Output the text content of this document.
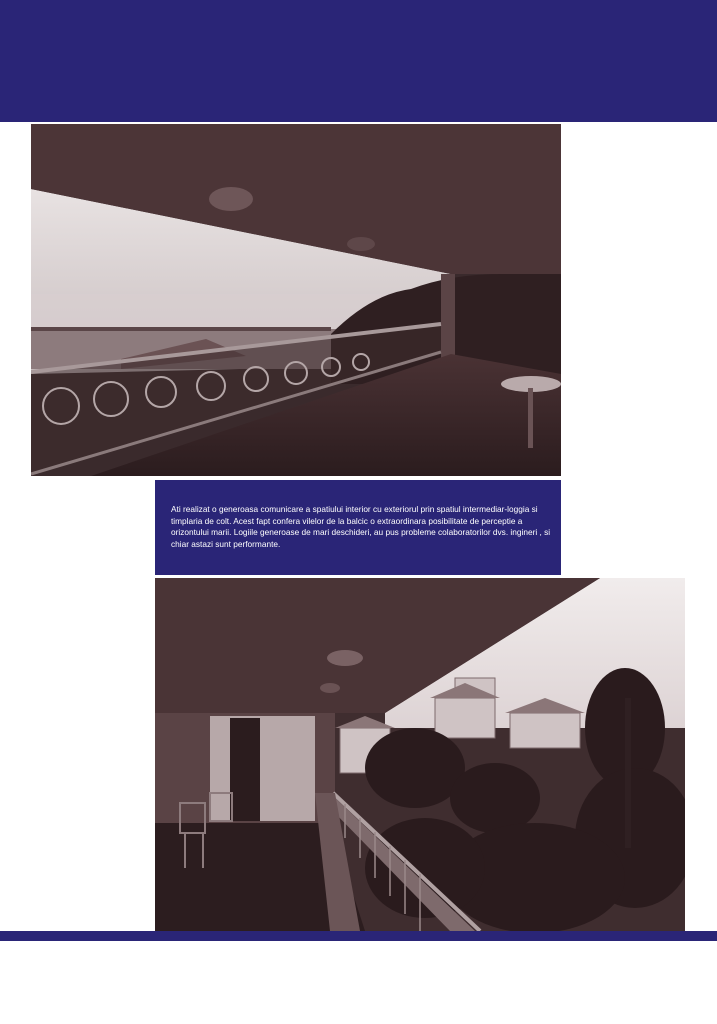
Ati realizat o generoasa comunicare a spatiului interior cu exteriorul prin spatiul intermediar-loggia si timplaria de colt. Acest fapt confera vilelor de la balcic o extraordinara posibilitate de perceptie a orizontului marii. Logiile generoase de mari deschideri, au pus probleme colaboratorilor dvs. ingineri , si chiar astazi sunt performante.
